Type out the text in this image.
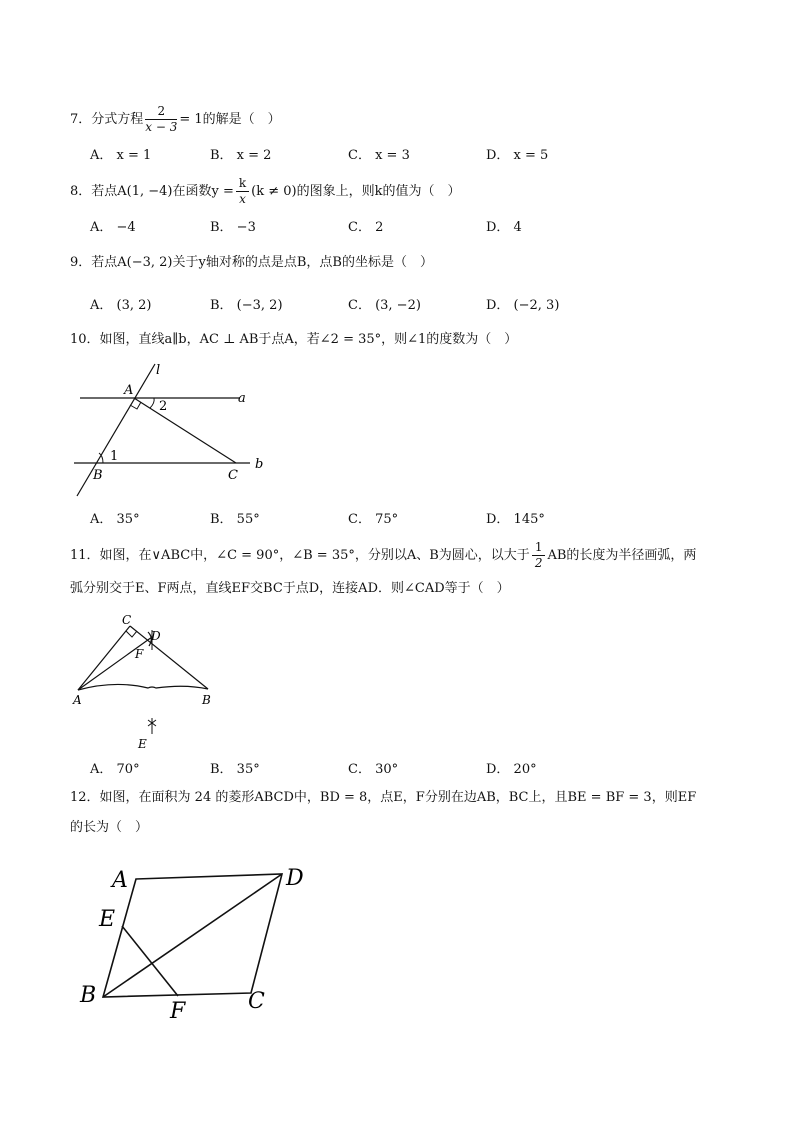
7．分式方程 $\frac{2}{x - 3} = 1$的解是（　）
A． x = 1	B． x = 2	C． x = 3	D． x = 5
8．若点A(1, −4)在函数$y = \frac{k}{x} (k \ne 0)$的图象上，则k的值为（　）
A． −4	B． −3	C． 2	D． 4
9．若点A(−3, 2)关于y轴对称的点是点B，点B的坐标是（　）
A． (3, 2)	B． (−3, 2)	C． (3, −2)	D． (−2, 3)
10．如图，直线a∥b，AC ⊥ AB于点A，若∠2 = 35°，则∠1的度数为（　）
l
A
a
2
1
B	C
b
A． 35°	B． 55°	C． 75°	D． 145°
11．如图，在∨ABC中，∠C = 90°，∠B = 35°，分别以A、B为圆心，以大于 $\frac{1}{2}$ AB的长度为半径画弧，两
弧分别交于E、F两点，直线EF交BC于点D，连接AD．则∠CAD等于（　）
C
D
F
A	B
E
A． 70°	B． 35°	C． 30°	D． 20°
12．如图，在面积为 24 的菱形ABCD中，BD = 8，点E，F分别在边AB，BC上，且BE = BF = 3，则EF
的长为（　）
A	D
E
B
F	C
